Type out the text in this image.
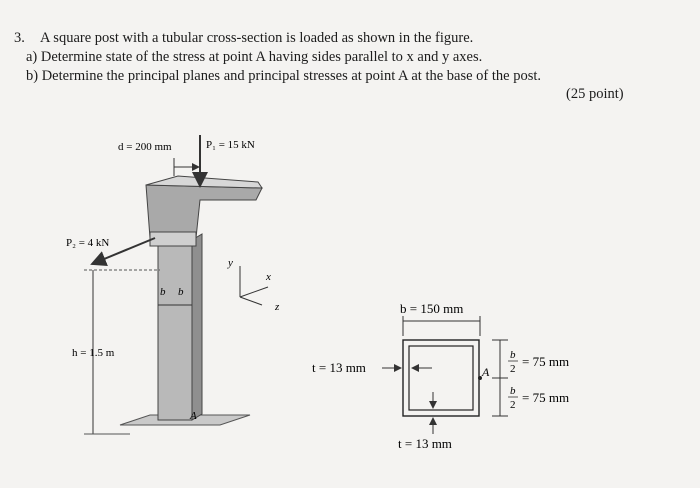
3. A square post with a tubular cross-section is loaded as shown in the figure.
a) Determine state of the stress at point A having sides parallel to x and y axes.
b) Determine the principal planes and principal stresses at point A at the base of the post.
(25 point)
d = 200 mm	P₁ = 15 kN
P₂ = 4 kN
h = 1.5 m
b b
A
y
x
z	b = 150 mm
t = 13 mm
t = 13 mm
A
b
2 = 75 mm
b
2 = 75 mm
